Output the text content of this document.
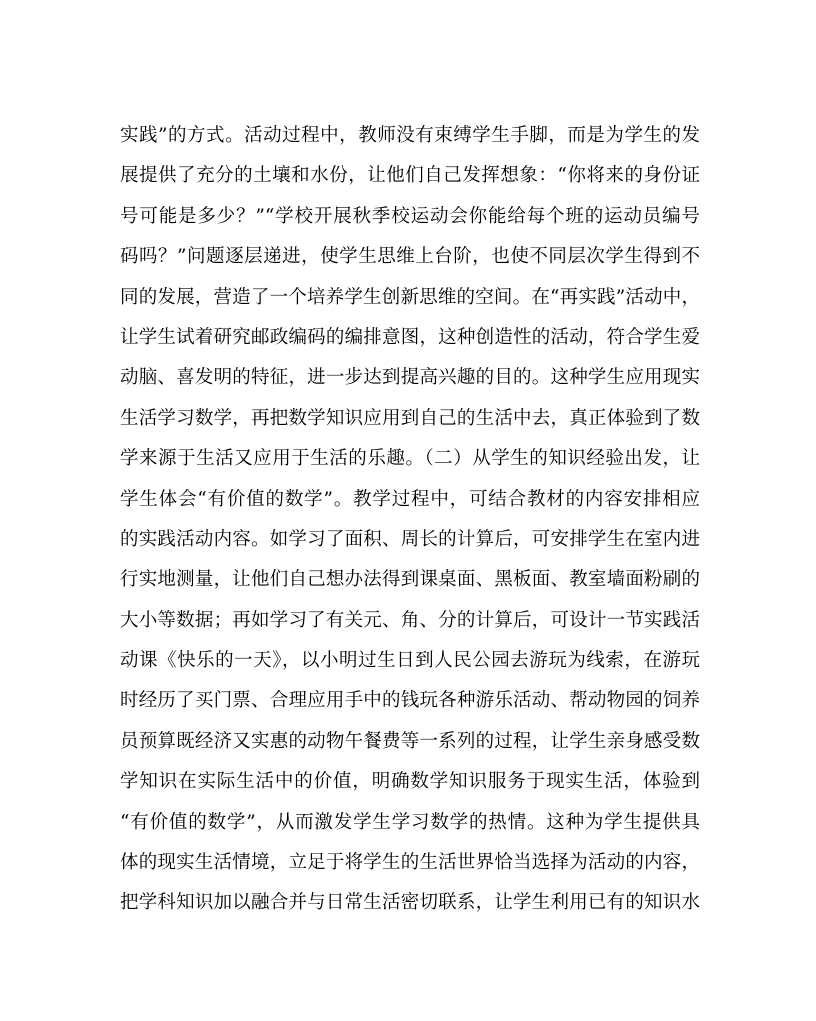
实践”的方式。活动过程中，教师没有束缚学生手脚，而是为学生的发
展提供了充分的土壤和水份，让他们自己发挥想象：“你将来的身份证
号可能是多少？”“学校开展秋季校运动会你能给每个班的运动员编号
码吗？”问题逐层递进，使学生思维上台阶，也使不同层次学生得到不
同的发展，营造了一个培养学生创新思维的空间。在“再实践”活动中，
让学生试着研究邮政编码的编排意图，这种创造性的活动，符合学生爱
动脑、喜发明的特征，进一步达到提高兴趣的目的。这种学生应用现实
生活学习数学，再把数学知识应用到自己的生活中去，真正体验到了数
学来源于生活又应用于生活的乐趣。（二）从学生的知识经验出发，让
学生体会“有价值的数学”。教学过程中，可结合教材的内容安排相应
的实践活动内容。如学习了面积、周长的计算后，可安排学生在室内进
行实地测量，让他们自己想办法得到课桌面、黑板面、教室墙面粉刷的
大小等数据；再如学习了有关元、角、分的计算后，可设计一节实践活
动课《快乐的一天》，以小明过生日到人民公园去游玩为线索，在游玩
时经历了买门票、合理应用手中的钱玩各种游乐活动、帮动物园的饲养
员预算既经济又实惠的动物午餐费等一系列的过程，让学生亲身感受数
学知识在实际生活中的价值，明确数学知识服务于现实生活，体验到
“有价值的数学”，从而激发学生学习数学的热情。这种为学生提供具
体的现实生活情境，立足于将学生的生活世界恰当选择为活动的内容，
把学科知识加以融合并与日常生活密切联系，让学生利用已有的知识水
